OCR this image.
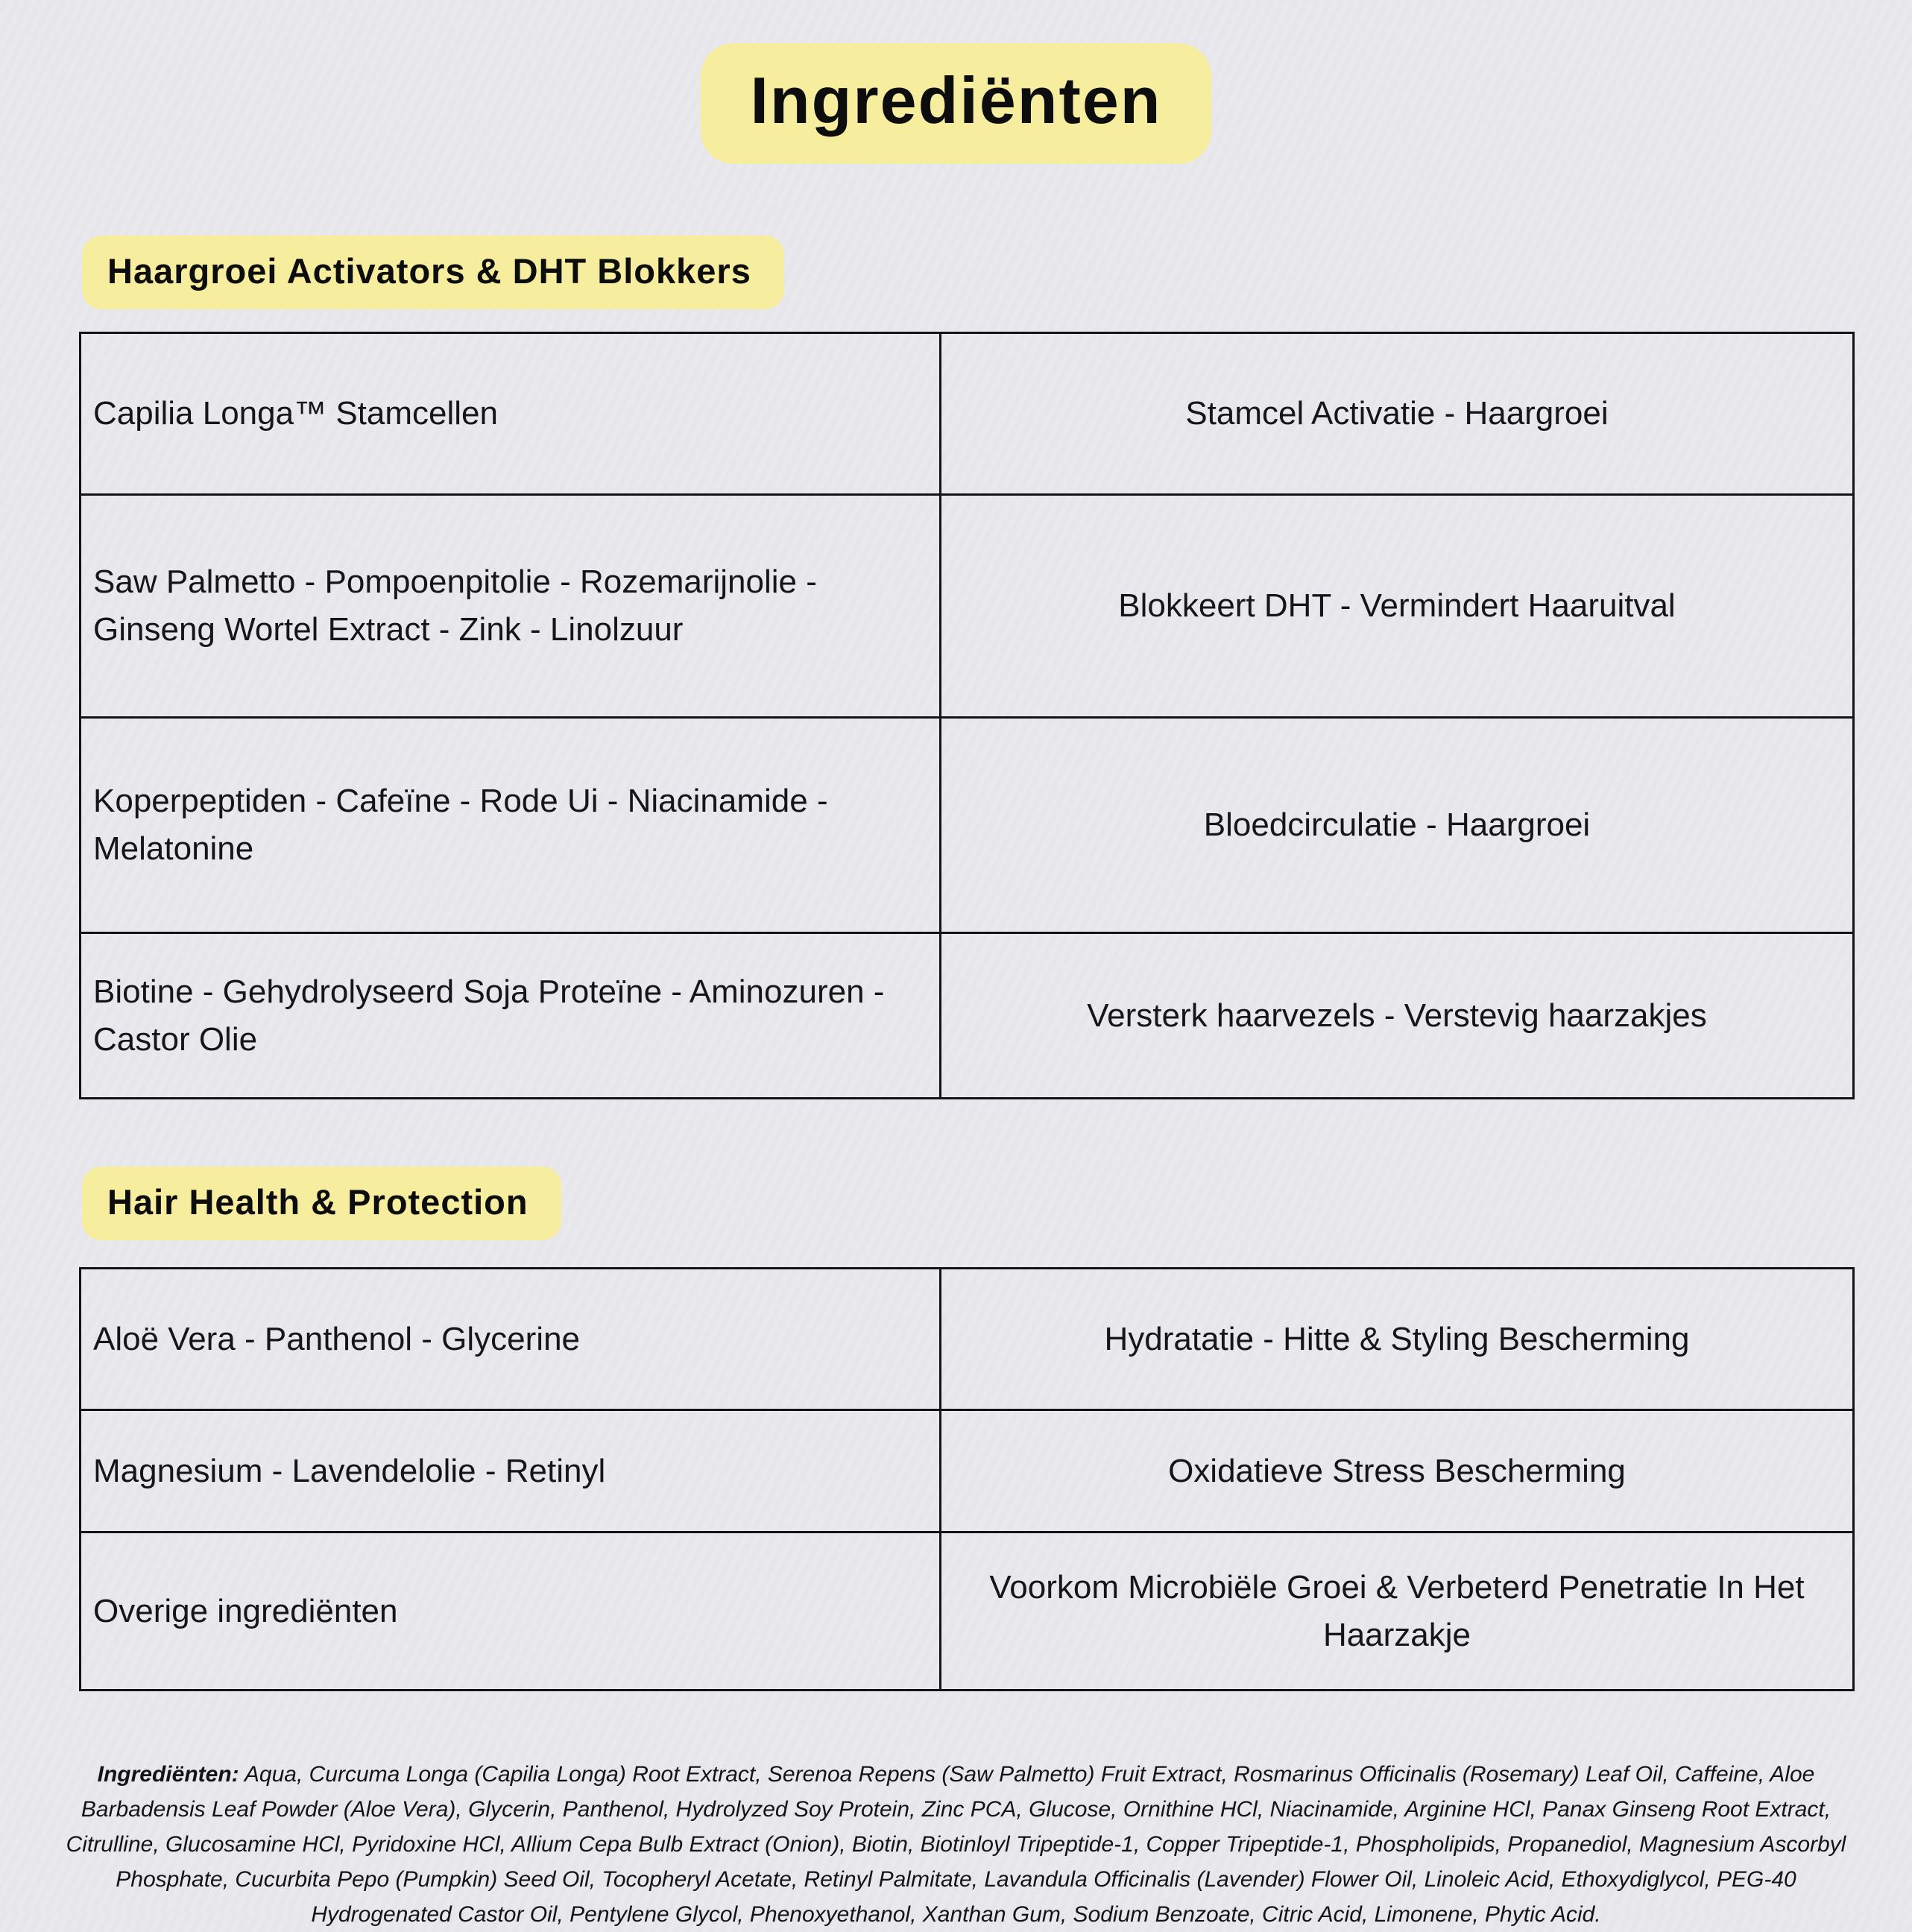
Ingrediënten
Haargroei Activators & DHT Blokkers
Capilia Longa™ Stamcellen	Stamcel Activatie - Haargroei
Saw Palmetto - Pompoenpitolie - Rozemarijnolie - Ginseng Wortel Extract - Zink - Linolzuur	Blokkeert DHT - Vermindert Haaruitval
Koperpeptiden - Cafeïne - Rode Ui - Niacinamide - Melatonine	Bloedcirculatie - Haargroei
Biotine - Gehydrolyseerd Soja Proteïne - Aminozuren - Castor Olie	Versterk haarvezels - Verstevig haarzakjes
Hair Health & Protection
Aloë Vera - Panthenol - Glycerine	Hydratatie - Hitte & Styling Bescherming
Magnesium - Lavendelolie - Retinyl	Oxidatieve Stress Bescherming
Overige ingrediënten	Voorkom Microbiële Groei & Verbeterd Penetratie In Het Haarzakje
Ingrediënten: Aqua, Curcuma Longa (Capilia Longa) Root Extract, Serenoa Repens (Saw Palmetto) Fruit Extract, Rosmarinus Officinalis (Rosemary) Leaf Oil, Caffeine, Aloe Barbadensis Leaf Powder (Aloe Vera), Glycerin, Panthenol, Hydrolyzed Soy Protein, Zinc PCA, Glucose, Ornithine HCl, Niacinamide, Arginine HCl, Panax Ginseng Root Extract, Citrulline, Glucosamine HCl, Pyridoxine HCl, Allium Cepa Bulb Extract (Onion), Biotin, Biotinloyl Tripeptide-1, Copper Tripeptide-1, Phospholipids, Propanediol, Magnesium Ascorbyl Phosphate, Cucurbita Pepo (Pumpkin) Seed Oil, Tocopheryl Acetate, Retinyl Palmitate, Lavandula Officinalis (Lavender) Flower Oil, Linoleic Acid, Ethoxydiglycol, PEG-40 Hydrogenated Castor Oil, Pentylene Glycol, Phenoxyethanol, Xanthan Gum, Sodium Benzoate, Citric Acid, Limonene, Phytic Acid.
